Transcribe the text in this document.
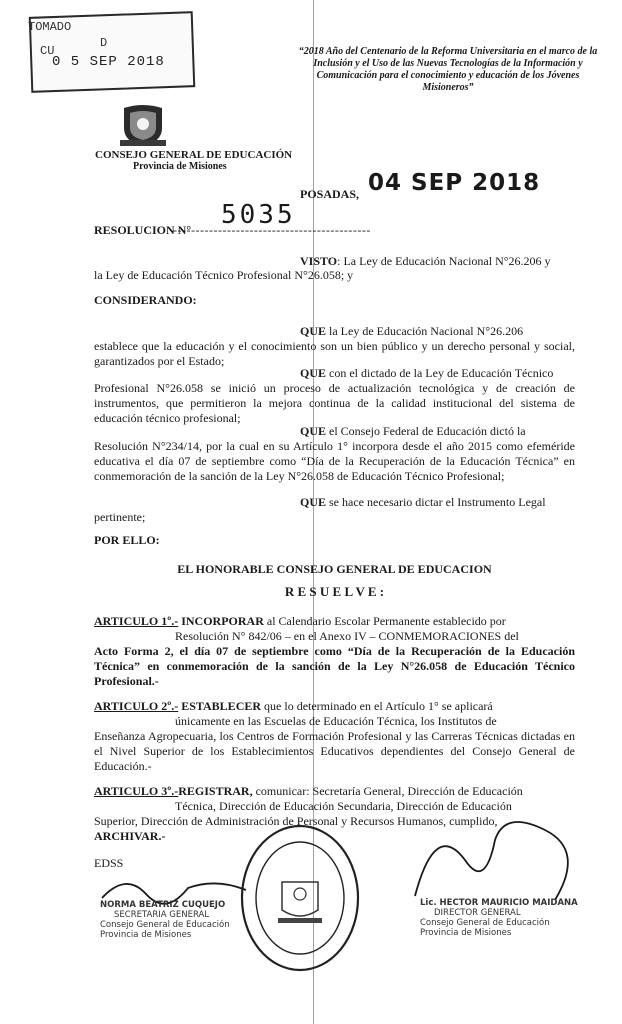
TOMADO
D
CU
0 5 SEP 2018
“2018 Año del Centenario de la Reforma Universitaria en el marco de la Inclusión y el Uso de las Nuevas Tecnologías de la Información y Comunicación para el conocimiento y educación de los Jóvenes Misioneros”
CONSEJO GENERAL DE EDUCACIÓN
Provincia de Misiones
POSADAS, 04 SEP 2018
RESOLUCION N°
--------------------------------------------
5035
VISTO: La Ley de Educación Nacional N°26.206 y
la Ley de Educación Técnico Profesional N°26.058; y
CONSIDERANDO:
QUE la Ley de Educación Nacional N°26.206
establece que la educación y el conocimiento son un bien público y un derecho personal y social, garantizados por el Estado;
QUE con el dictado de la Ley de Educación Técnico
Profesional N°26.058 se inició un proceso de actualización tecnológica y de creación de instrumentos, que permitieron la mejora continua de la calidad institucional del sistema de educación técnico profesional;
QUE el Consejo Federal de Educación dictó la
Resolución N°234/14, por la cual en su Artículo 1° incorpora desde el año 2015 como efeméride educativa el día 07 de septiembre como “Día de la Recuperación de la Educación Técnica” en conmemoración de la sanción de la Ley N°26.058 de Educación Técnico Profesional;
QUE se hace necesario dictar el Instrumento Legal
pertinente;
POR ELLO:
EL HONORABLE CONSEJO GENERAL DE EDUCACION
R E S U E L V E :
ARTICULO 1º.- INCORPORAR al Calendario Escolar Permanente establecido por
Resolución N° 842/06 – en el Anexo IV – CONMEMORACIONES del
Acto Forma 2, el día 07 de septiembre como “Día de la Recuperación de la Educación Técnica” en conmemoración de la sanción de la Ley N°26.058 de Educación Técnico Profesional.-
ARTICULO 2º.- ESTABLECER que lo determinado en el Artículo 1° se aplicará
únicamente en las Escuelas de Educación Técnica, los Institutos de
Enseñanza Agropecuaria, los Centros de Formación Profesional y las Carreras Técnicas dictadas en el Nivel Superior de los Establecimientos Educativos dependientes del Consejo General de Educación.-
ARTICULO 3º.-REGISTRAR, comunicar: Secretaría General, Dirección de Educación
Técnica, Dirección de Educación Secundaria, Dirección de Educación
Superior, Dirección de Administración de Personal y Recursos Humanos, cumplido,
ARCHIVAR.-
EDSS
NORMA BEATRIZ CUQUEJO
SECRETARIA GENERAL
Consejo General de Educación
Provincia de Misiones
Lic. HECTOR MAURICIO MAIDANA
DIRECTOR GENERAL
Consejo General de Educación
Provincia de Misiones
